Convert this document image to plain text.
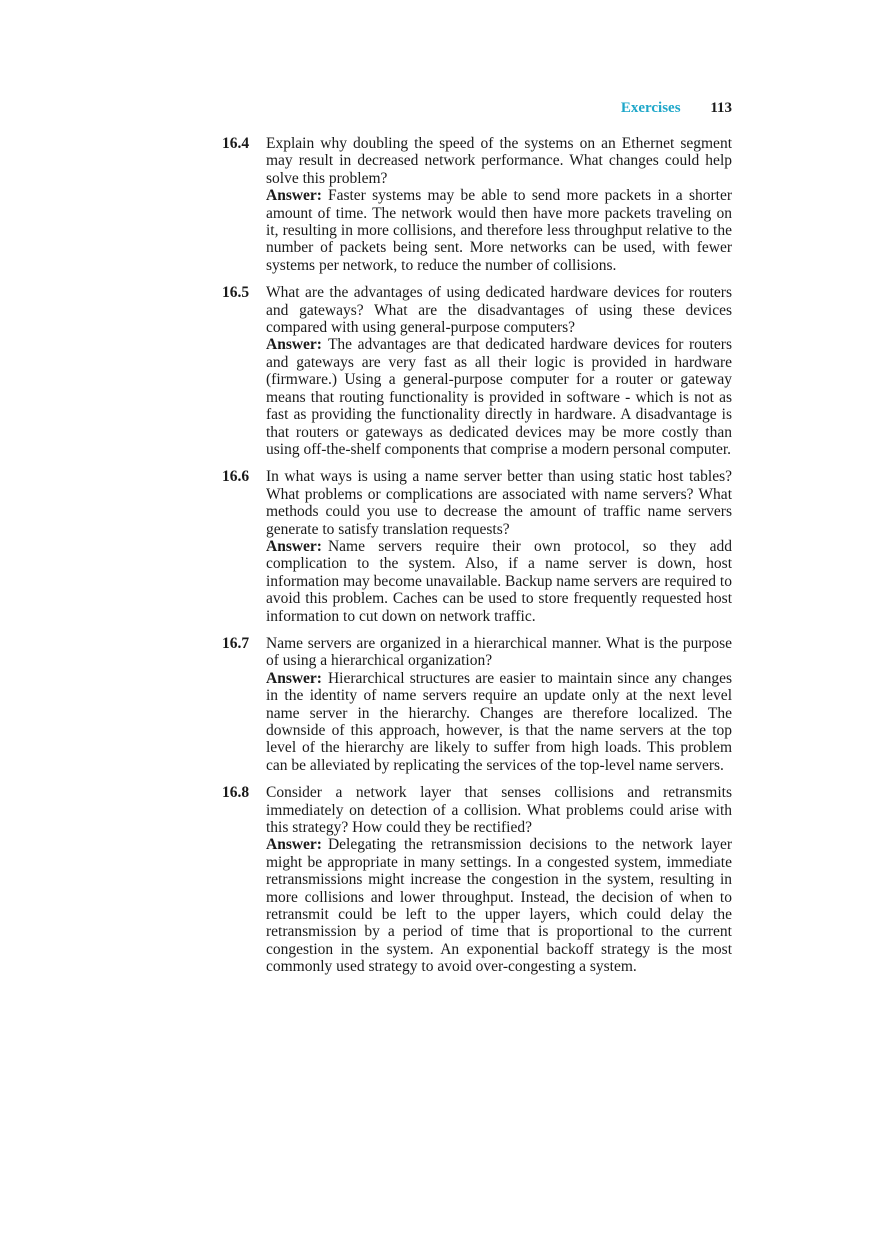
Exercises 113
16.4 Explain why doubling the speed of the systems on an Ethernet segment may result in decreased network performance. What changes could help solve this problem?

Answer: Faster systems may be able to send more packets in a shorter amount of time. The network would then have more packets traveling on it, resulting in more collisions, and therefore less throughput relative to the number of packets being sent. More networks can be used, with fewer systems per network, to reduce the number of collisions.

16.5 What are the advantages of using dedicated hardware devices for routers and gateways? What are the disadvantages of using these devices compared with using general-purpose computers?

Answer: The advantages are that dedicated hardware devices for routers and gateways are very fast as all their logic is provided in hardware (firmware.) Using a general-purpose computer for a router or gateway means that routing functionality is provided in software - which is not as fast as providing the functionality directly in hardware. A disadvantage is that routers or gateways as dedicated devices may be more costly than using off-the-shelf components that comprise a modern personal computer.

16.6 In what ways is using a name server better than using static host tables? What problems or complications are associated with name servers? What methods could you use to decrease the amount of traffic name servers generate to satisfy translation requests?

Answer: Name servers require their own protocol, so they add complication to the system. Also, if a name server is down, host information may become unavailable. Backup name servers are required to avoid this problem. Caches can be used to store frequently requested host information to cut down on network traffic.

16.7 Name servers are organized in a hierarchical manner. What is the purpose of using a hierarchical organization?

Answer: Hierarchical structures are easier to maintain since any changes in the identity of name servers require an update only at the next level name server in the hierarchy. Changes are therefore localized. The downside of this approach, however, is that the name servers at the top level of the hierarchy are likely to suffer from high loads. This problem can be alleviated by replicating the services of the top-level name servers.

16.8 Consider a network layer that senses collisions and retransmits immediately on detection of a collision. What problems could arise with this strategy? How could they be rectified?

Answer: Delegating the retransmission decisions to the network layer might be appropriate in many settings. In a congested system, immediate retransmissions might increase the congestion in the system, resulting in more collisions and lower throughput. Instead, the decision of when to retransmit could be left to the upper layers, which could delay the retransmission by a period of time that is proportional to the current congestion in the system. An exponential backoff strategy is the most commonly used strategy to avoid over-congesting a system.
